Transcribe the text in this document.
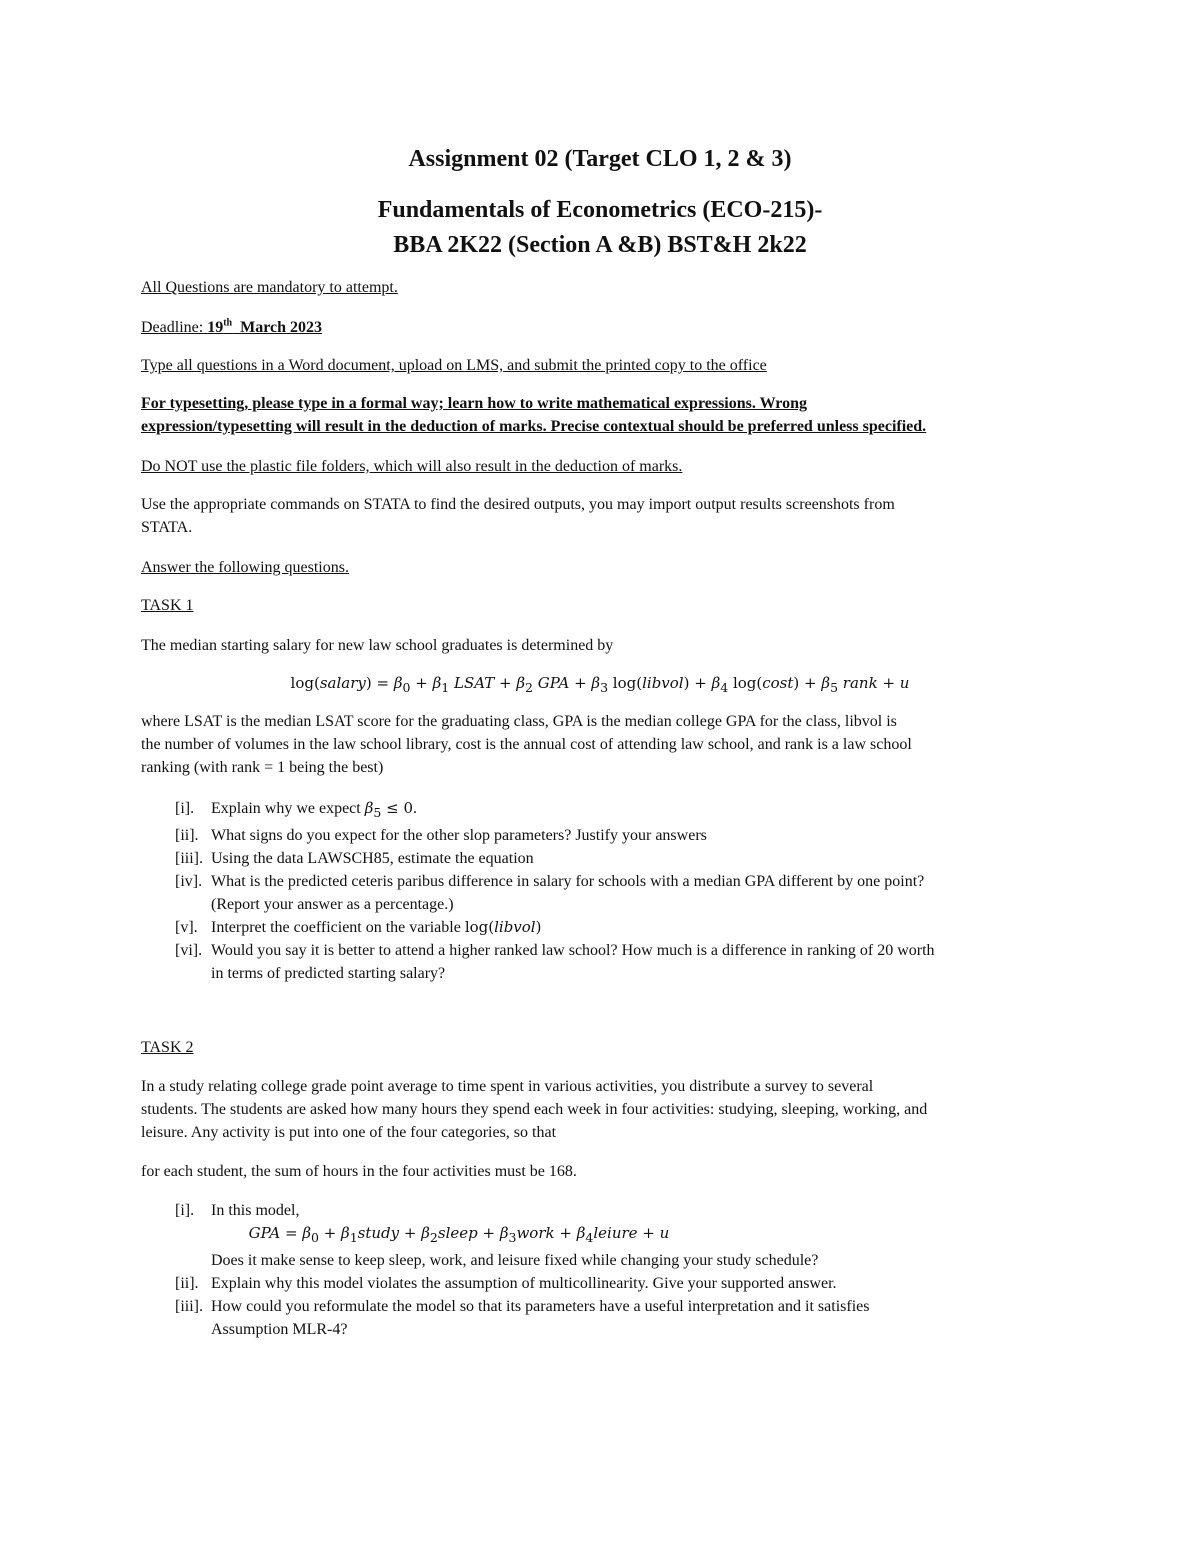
Assignment 02 (Target CLO 1, 2 & 3)
Fundamentals of Econometrics (ECO-215)-
BBA 2K22 (Section A &B) BST&H 2k22
All Questions are mandatory to attempt.
Deadline: 19th  March 2023
Type all questions in a Word document, upload on LMS, and submit the printed copy to the office
For typesetting, please type in a formal way; learn how to write mathematical expressions. Wrong
expression/typesetting will result in the deduction of marks. Precise contextual should be preferred unless specified.
Do NOT use the plastic file folders, which will also result in the deduction of marks.
Use the appropriate commands on STATA to find the desired outputs, you may import output results screenshots from
STATA.
Answer the following questions.
TASK 1
The median starting salary for new law school graduates is determined by
log(salary) = $\beta_0 + \beta_1$ LSAT + $\beta_2$ GPA + $\beta_3$ log(libvol) + $\beta_4$ $\log(\cos t) + \beta_5$ rank + u
where LSAT is the median LSAT score for the graduating class, GPA is the median college GPA for the class, libvol is
the number of volumes in the law school library, cost is the annual cost of attending law school, and rank is a law school
ranking (with rank = 1 being the best)
[i]. Explain why we expect $\beta_5 \le 0$.
[ii]. What signs do you expect for the other slop parameters? Justify your answers
[iii]. Using the data LAWSCH85, estimate the equation
[iv]. What is the predicted ceteris paribus difference in salary for schools with a median GPA different by one point?
(Report your answer as a percentage.)
[v]. Interpret the coefficient on the variable log(libvol)
[vi]. Would you say it is better to attend a higher ranked law school? How much is a difference in ranking of 20 worth
in terms of predicted starting salary?
TASK 2
In a study relating college grade point average to time spent in various activities, you distribute a survey to several
students. The students are asked how many hours they spend each week in four activities: studying, sleeping, working, and
leisure. Any activity is put into one of the four categories, so that
for each student, the sum of hours in the four activities must be 168.
[i]. In this model,
GPA = $\beta_0$ + $\beta_1study$ + $\beta_2sleep$ + $\beta_3work$ + $\beta_4leiure + u$
Does it make sense to keep sleep, work, and leisure fixed while changing your study schedule?
[ii]. Explain why this model violates the assumption of multicollinearity. Give your supported answer.
[iii]. How could you reformulate the model so that its parameters have a useful interpretation and it satisfies
Assumption MLR-4?
